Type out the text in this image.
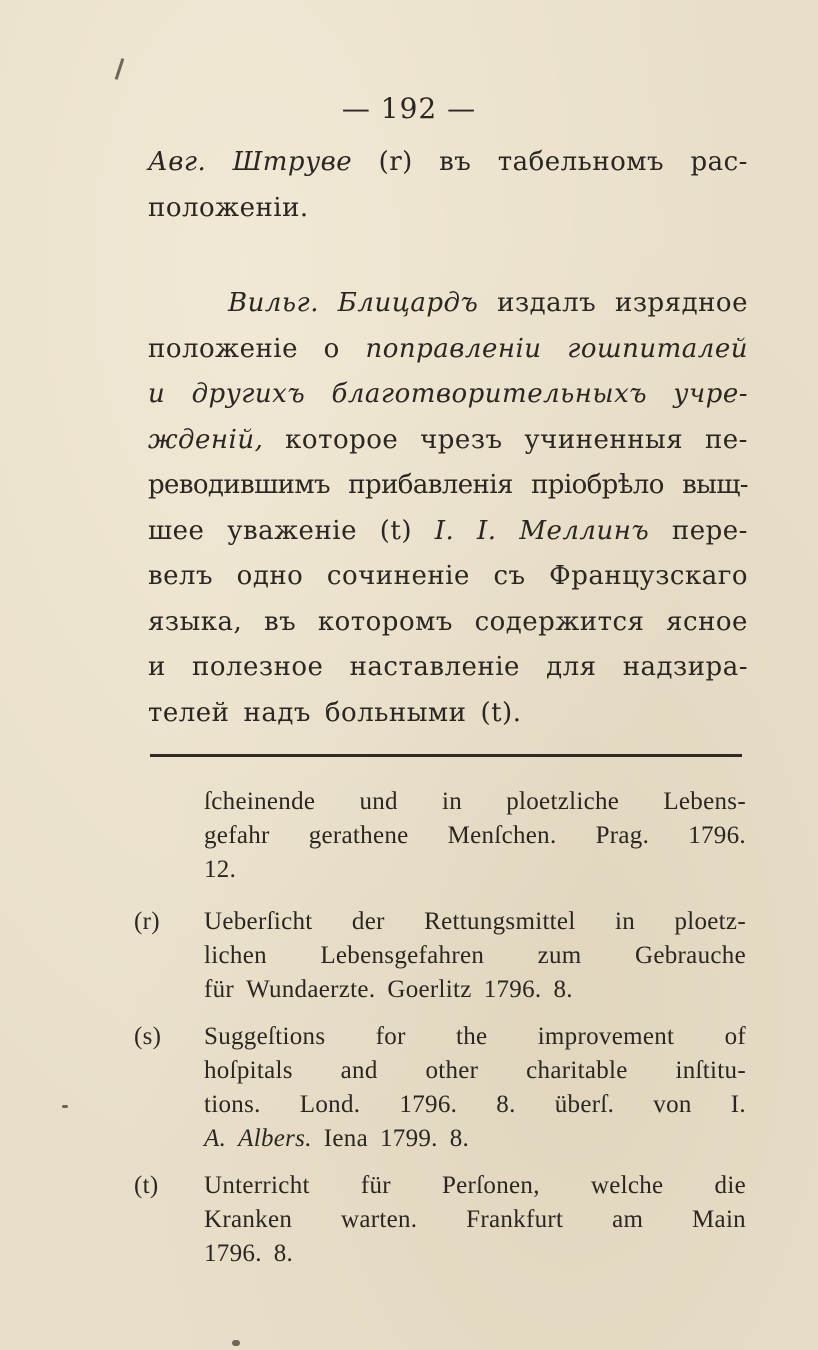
— 192 —
Авг. Штруве (r) въ табельномъ рас-
положеніи.
Вильг. Блицардъ издалъ изрядное
положеніе о поправленіи гошпиталей
и другихъ благотворительныхъ учре-
жденій, которое чрезъ учиненныя пе-
реводившимъ прибавленія пріобрѣло выщ-
шее уваженіе (t) I. I. Меллинъ пере-
велъ одно сочиненіе съ Французскаго
языка, въ которомъ содержится ясное
и полезное наставленіе для надзира-
телей надъ больными (t).
ſcheinende und in ploetzliche Lebens-
gefahr gerathene Menſchen. Prag. 1796.
12.
(r)	Ueberſicht der Rettungsmittel in ploetz-
lichen Lebensgefahren zum Gebrauche
für Wundaerzte. Goerlitz 1796. 8.
(s)	Suggeſtions for the improvement of
hoſpitals and other charitable inſtitu-
tions. Lond. 1796. 8. überſ. von I.
A. Albers. Iena 1799. 8.
(t)	Unterricht für Perſonen, welche die
Kranken warten. Frankfurt am Main
1796. 8.
